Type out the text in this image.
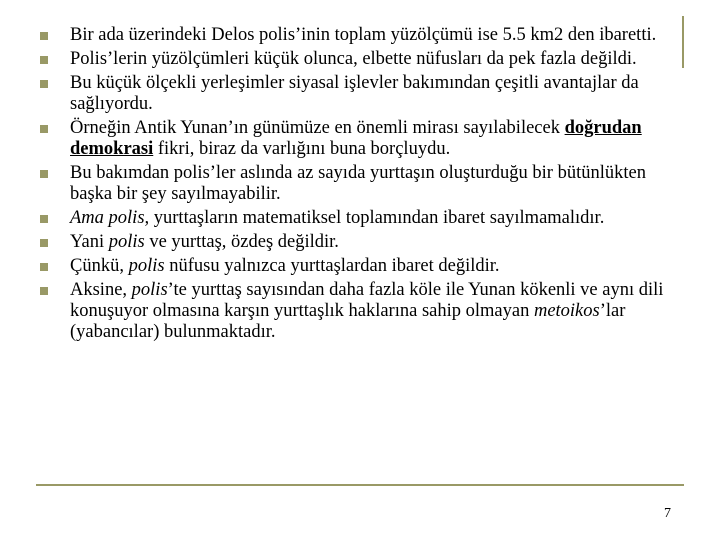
Bir ada üzerindeki Delos polis’inin toplam yüzölçümü ise 5.5 km2 den ibaretti.
Polis’lerin yüzölçümleri küçük olunca, elbette nüfusları da pek fazla değildi.
Bu küçük ölçekli yerleşimler siyasal işlevler bakımından çeşitli avantajlar da sağlıyordu.
Örneğin Antik Yunan’ın günümüze en önemli mirası sayılabilecek doğrudan demokrasi fikri, biraz da varlığını buna borçluydu.
Bu bakımdan polis’ler aslında az sayıda yurttaşın oluşturduğu bir bütünlükten başka bir şey sayılmayabilir.
Ama polis, yurttaşların matematiksel toplamından ibaret sayılmamalıdır.
Yani polis ve yurttaş, özdeş değildir.
Çünkü, polis nüfusu yalnızca yurttaşlardan ibaret değildir.
Aksine, polis’te yurttaş sayısından daha fazla köle ile Yunan kökenli ve aynı dili konuşuyor olmasına karşın yurttaşlık haklarına sahip olmayan metoikos’lar (yabancılar) bulunmaktadır.
7
